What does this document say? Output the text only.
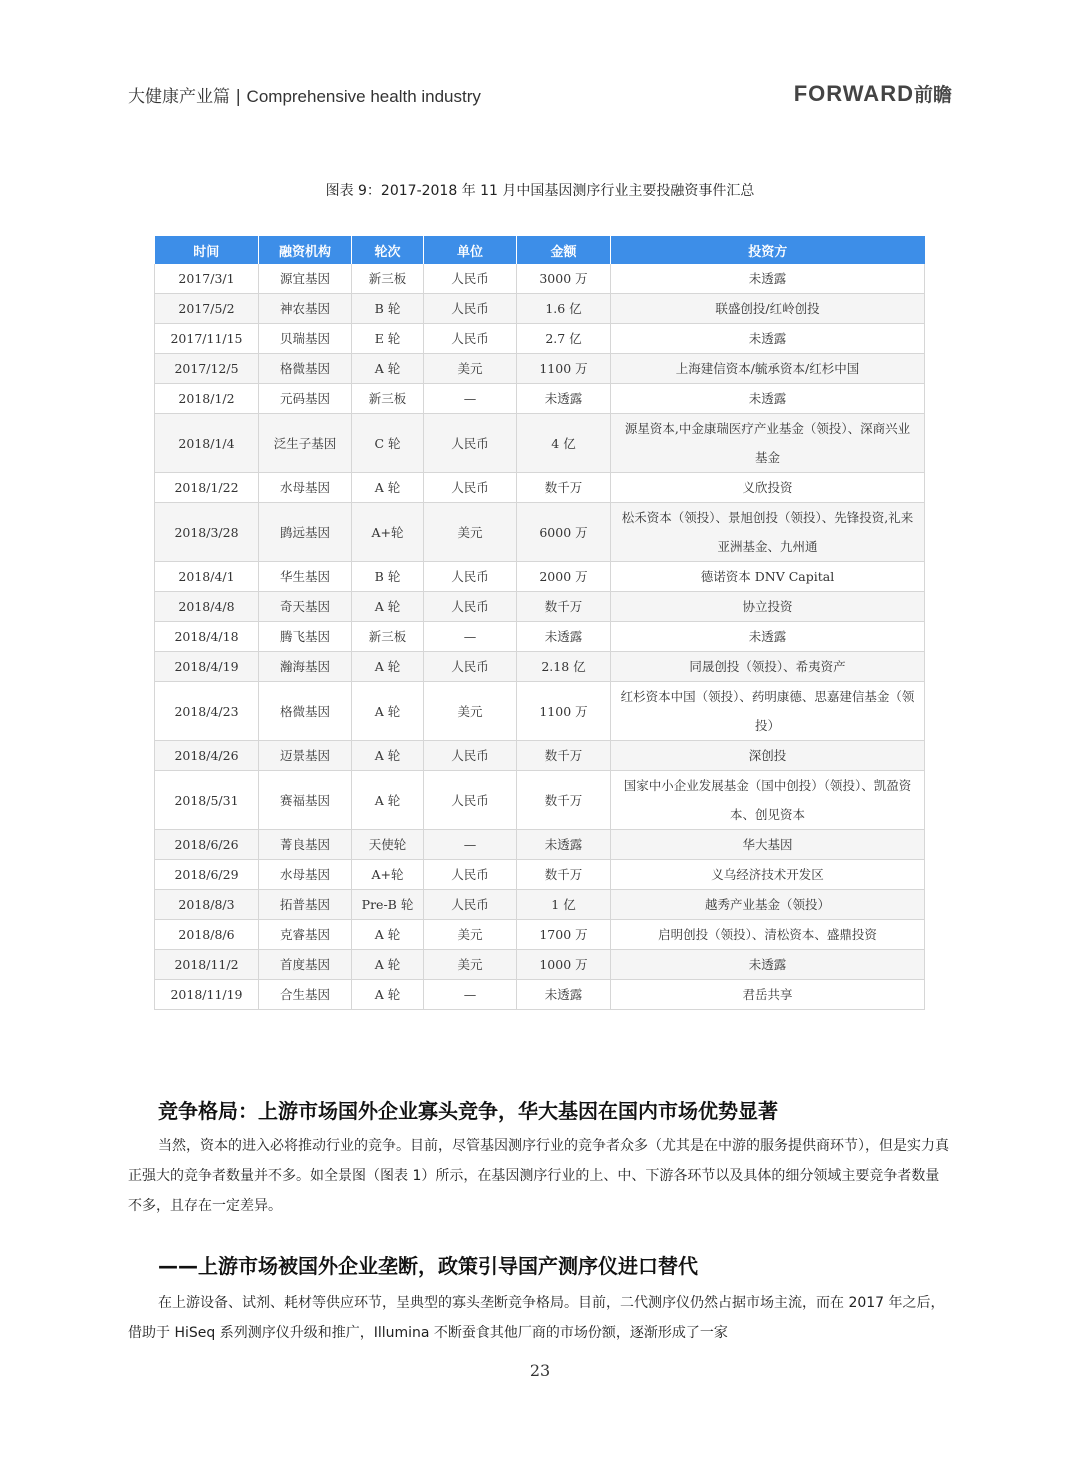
大健康产业篇 | Comprehensive health industry	FORWARD前瞻
图表 9：2017-2018 年 11 月中国基因测序行业主要投融资事件汇总
时间	融资机构	轮次	单位	金额	投资方
2017/3/1	源宜基因	新三板	人民币	3000 万	未透露
2017/5/2	神农基因	B 轮	人民币	1.6 亿	联盛创投/红岭创投
2017/11/15	贝瑞基因	E 轮	人民币	2.7 亿	未透露
2017/12/5	格微基因	A 轮	美元	1100 万	上海建信资本/毓承资本/红杉中国
2018/1/2	元码基因	新三板	—	未透露	未透露
2018/1/4	泛生子基因	C 轮	人民币	4 亿	源星资本,中金康瑞医疗产业基金（领投）、深商兴业基金
2018/1/22	水母基因	A 轮	人民币	数千万	义欣投资
2018/3/28	鹍远基因	A+轮	美元	6000 万	松禾资本（领投）、景旭创投（领投）、先锋投资,礼来亚洲基金、九州通
2018/4/1	华生基因	B 轮	人民币	2000 万	德诺资本 DNV Capital
2018/4/8	奇天基因	A 轮	人民币	数千万	协立投资
2018/4/18	腾飞基因	新三板	—	未透露	未透露
2018/4/19	瀚海基因	A 轮	人民币	2.18 亿	同晟创投（领投）、希夷资产
2018/4/23	格微基因	A 轮	美元	1100 万	红杉资本中国（领投）、药明康德、思嘉建信基金（领投）
2018/4/26	迈景基因	A 轮	人民币	数千万	深创投
2018/5/31	赛福基因	A 轮	人民币	数千万	国家中小企业发展基金（国中创投）（领投）、凯盈资本、创见资本
2018/6/26	菁良基因	天使轮	—	未透露	华大基因
2018/6/29	水母基因	A+轮	人民币	数千万	义乌经济技术开发区
2018/8/3	拓普基因	Pre-B 轮	人民币	1 亿	越秀产业基金（领投）
2018/8/6	克睿基因	A 轮	美元	1700 万	启明创投（领投）、清松资本、盛鼎投资
2018/11/2	首度基因	A 轮	美元	1000 万	未透露
2018/11/19	合生基因	A 轮	—	未透露	君岳共享
竞争格局：上游市场国外企业寡头竞争，华大基因在国内市场优势显著

当然，资本的进入必将推动行业的竞争。目前，尽管基因测序行业的竞争者众多（尤其是在中游的服务提供商环节），但是实力真正强大的竞争者数量并不多。如全景图（图表 1）所示，在基因测序行业的上、中、下游各环节以及具体的细分领域主要竞争者数量不多，且存在一定差异。

——上游市场被国外企业垄断，政策引导国产测序仪进口替代

在上游设备、试剂、耗材等供应环节，呈典型的寡头垄断竞争格局。目前，二代测序仪仍然占据市场主流，而在 2017 年之后，借助于 HiSeq 系列测序仪升级和推广，Illumina 不断蚕食其他厂商的市场份额，逐渐形成了一家

23
